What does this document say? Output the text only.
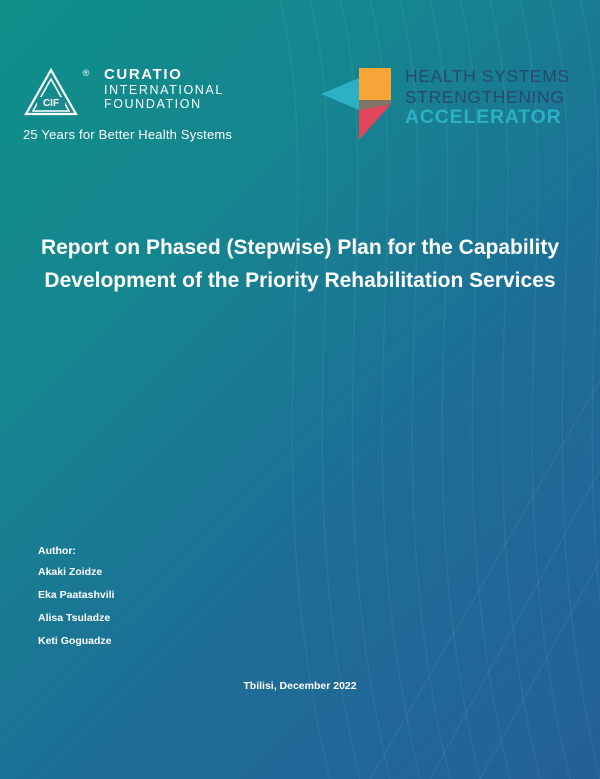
CIF
® CURATIO
INTERNATIONAL
FOUNDATION
25 Years for Better Health Systems
HEALTH SYSTEMS
STRENGTHENING
ACCELERATOR
Report on Phased (Stepwise) Plan for the Capability Development of the Priority Rehabilitation Services
Author:
Akaki Zoidze
Eka Paatashvili
Alisa Tsuladze
Keti Goguadze
Tbilisi, December 2022
